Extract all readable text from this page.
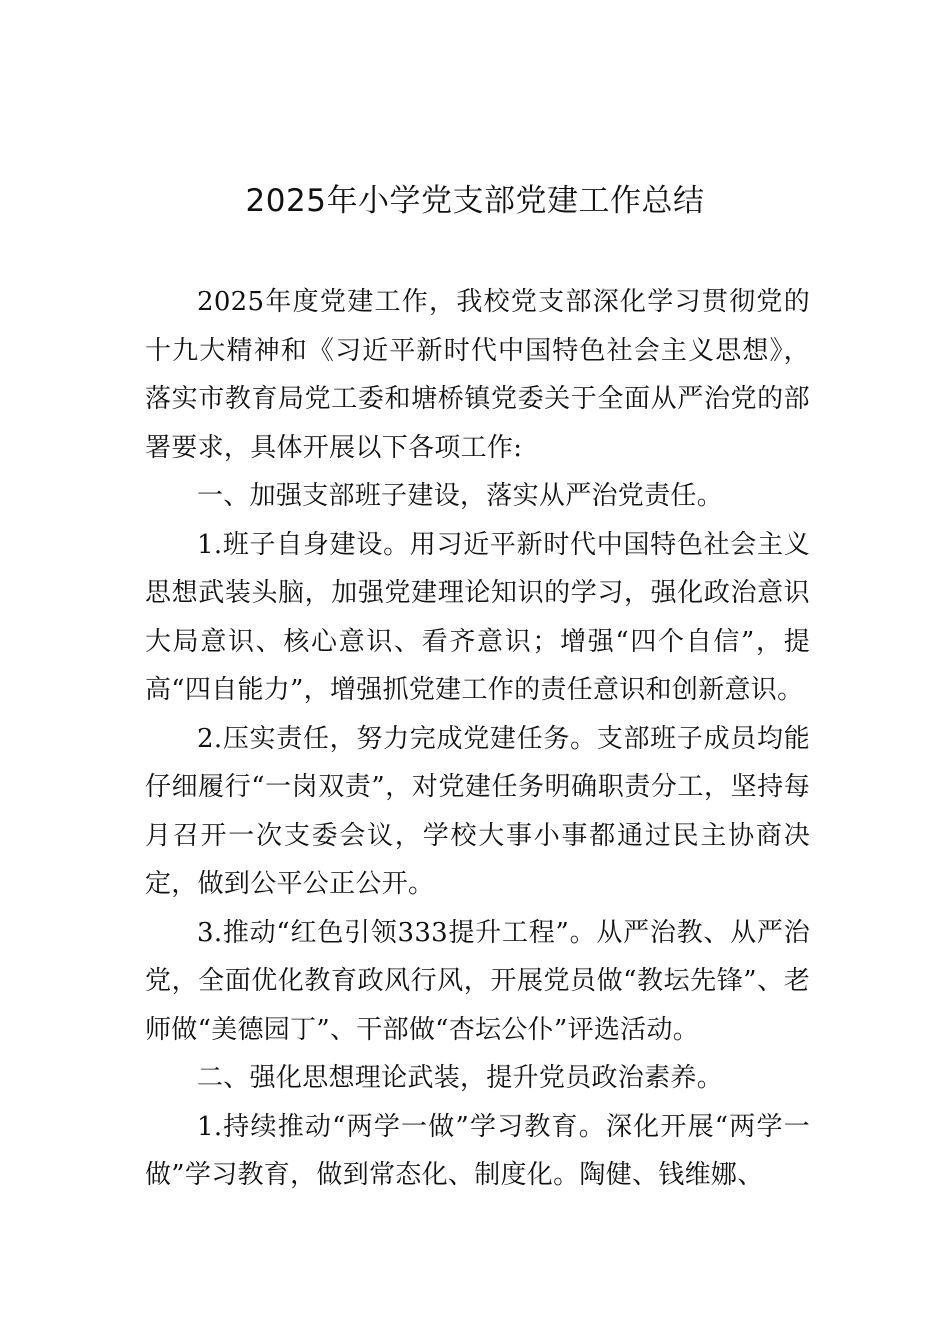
2025年小学党支部党建工作总结

2025年度党建工作，我校党支部深化学习贯彻党的十九大精神和《习近平新时代中国特色社会主义思想》，落实市教育局党工委和塘桥镇党委关于全面从严治党的部署要求，具体开展以下各项工作:

一、加强支部班子建设，落实从严治党责任。

1.班子自身建设。用习近平新时代中国特色社会主义思想武装头脑，加强党建理论知识的学习，强化政治意识大局意识、核心意识、看齐意识；增强“四个自信”，提高“四自能力”，增强抓党建工作的责任意识和创新意识。

2.压实责任，努力完成党建任务。支部班子成员均能仔细履行“一岗双责”，对党建任务明确职责分工，坚持每月召开一次支委会议，学校大事小事都通过民主协商决定，做到公平公正公开。

3.推动“红色引领333提升工程”。从严治教、从严治党，全面优化教育政风行风，开展党员做“教坛先锋”、老师做“美德园丁”、干部做“杏坛公仆”评选活动。

二、强化思想理论武装，提升党员政治素养。

1.持续推动“两学一做”学习教育。深化开展“两学一做”学习教育，做到常态化、制度化。陶健、钱维娜、
